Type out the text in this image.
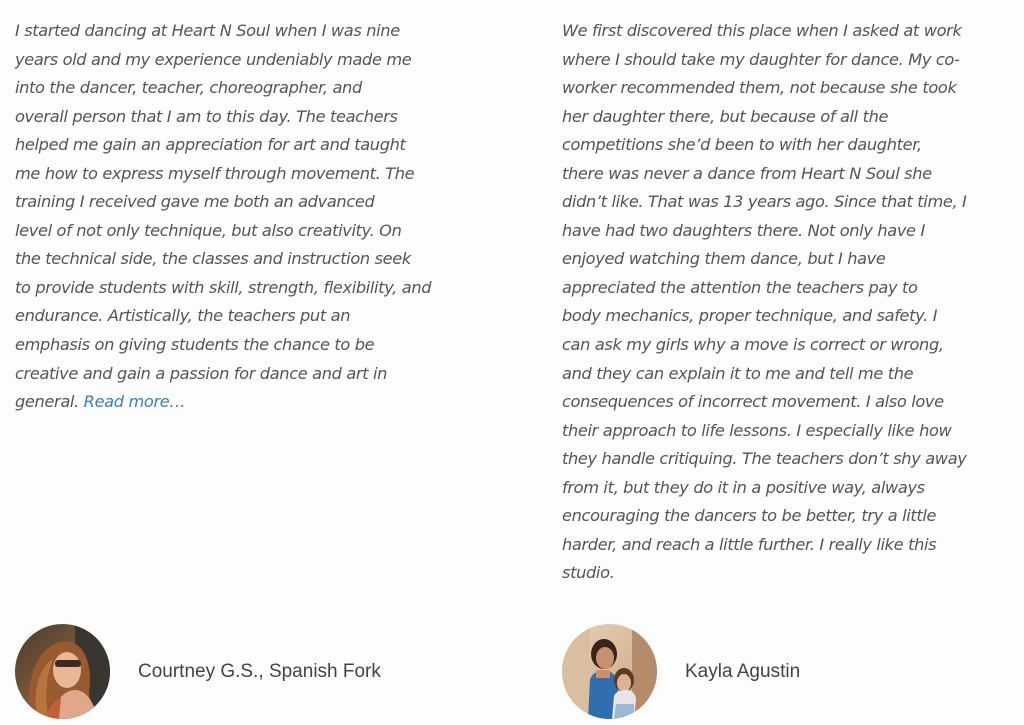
I started dancing at Heart N Soul when I was nine
years old and my experience undeniably made me
into the dancer, teacher, choreographer, and
overall person that I am to this day. The teachers
helped me gain an appreciation for art and taught
me how to express myself through movement. The
training I received gave me both an advanced
level of not only technique, but also creativity. On
the technical side, the classes and instruction seek
to provide students with skill, strength, flexibility, and
endurance. Artistically, the teachers put an
emphasis on giving students the chance to be
creative and gain a passion for dance and art in
general. Read more…

Courtney G.S., Spanish Fork

We first discovered this place when I asked at work
where I should take my daughter for dance. My co-
worker recommended them, not because she took
her daughter there, but because of all the
competitions she’d been to with her daughter,
there was never a dance from Heart N Soul she
didn’t like. That was 13 years ago. Since that time, I
have had two daughters there. Not only have I
enjoyed watching them dance, but I have
appreciated the attention the teachers pay to
body mechanics, proper technique, and safety. I
can ask my girls why a move is correct or wrong,
and they can explain it to me and tell me the
consequences of incorrect movement. I also love
their approach to life lessons. I especially like how
they handle critiquing. The teachers don’t shy away
from it, but they do it in a positive way, always
encouraging the dancers to be better, try a little
harder, and reach a little further. I really like this
studio.

Kayla Agustin
